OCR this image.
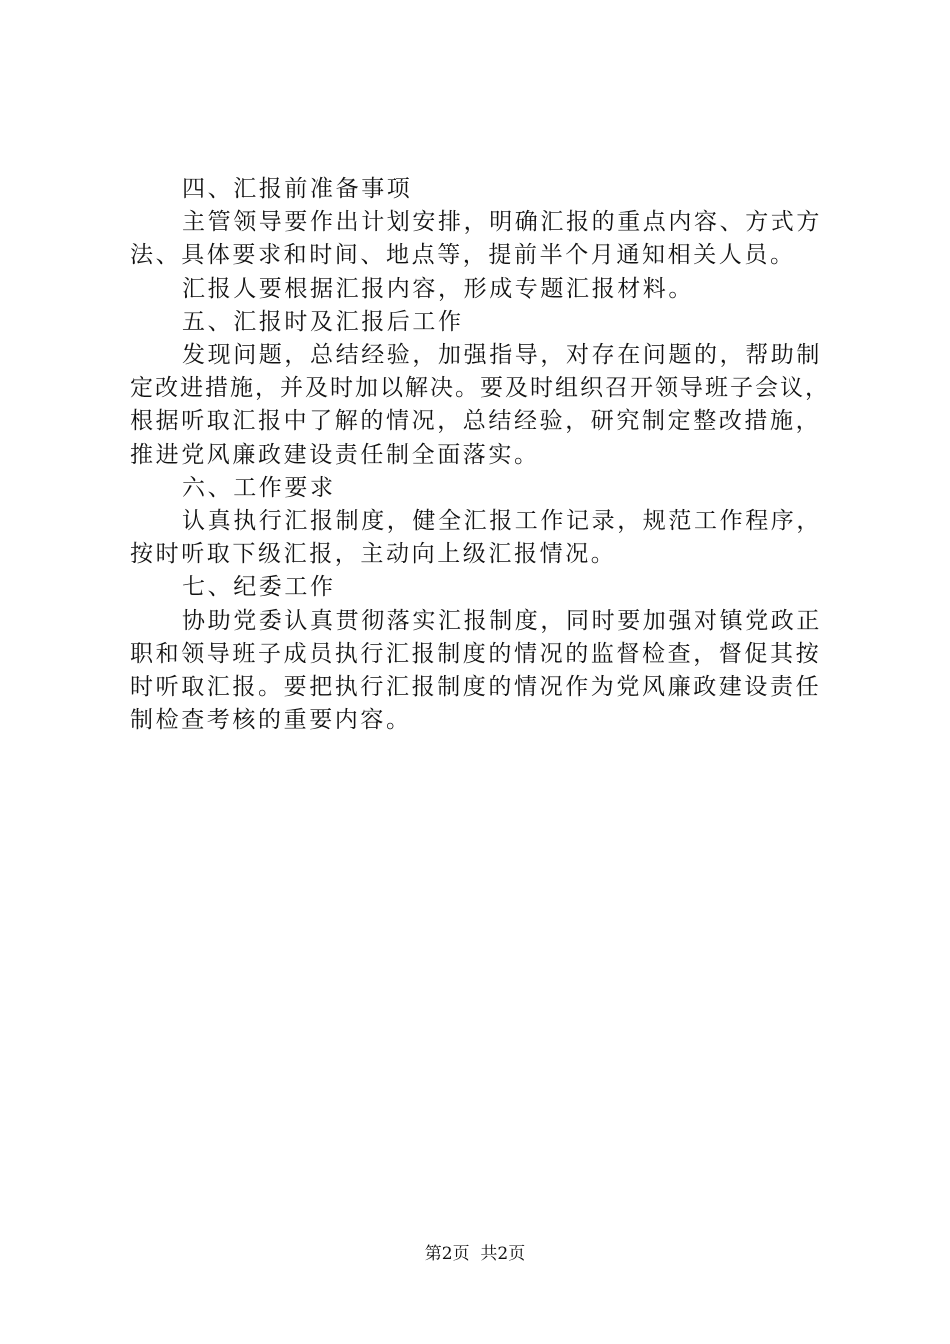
四、汇报前准备事项

主管领导要作出计划安排，明确汇报的重点内容、方式方

法、具体要求和时间、地点等，提前半个月通知相关人员。

汇报人要根据汇报内容，形成专题汇报材料。

五、汇报时及汇报后工作

发现问题，总结经验，加强指导，对存在问题的，帮助制

定改进措施，并及时加以解决。要及时组织召开领导班子会议，

根据听取汇报中了解的情况，总结经验，研究制定整改措施，

推进党风廉政建设责任制全面落实。

六、工作要求

认真执行汇报制度，健全汇报工作记录，规范工作程序，

按时听取下级汇报，主动向上级汇报情况。

七、纪委工作

协助党委认真贯彻落实汇报制度，同时要加强对镇党政正

职和领导班子成员执行汇报制度的情况的监督检查，督促其按

时听取汇报。要把执行汇报制度的情况作为党风廉政建设责任

制检查考核的重要内容。

第2页 共2页
